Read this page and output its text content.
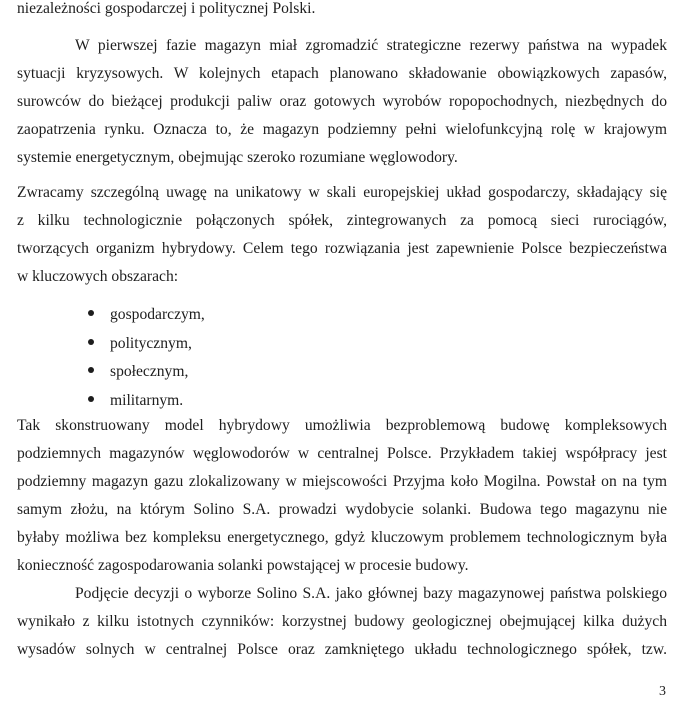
niezależności gospodarczej i politycznej Polski.
W pierwszej fazie magazyn miał zgromadzić strategiczne rezerwy państwa na wypadek
sytuacji kryzysowych. W kolejnych etapach planowano składowanie obowiązkowych zapasów,
surowców do bieżącej produkcji paliw oraz gotowych wyrobów ropopochodnych, niezbędnych do
zaopatrzenia rynku. Oznacza to, że magazyn podziemny pełni wielofunkcyjną rolę w krajowym
systemie energetycznym, obejmując szeroko rozumiane węglowodory.
Zwracamy szczególną uwagę na unikatowy w skali europejskiej układ gospodarczy, składający się
z kilku technologicznie połączonych spółek, zintegrowanych za pomocą sieci rurociągów,
tworzących organizm hybrydowy. Celem tego rozwiązania jest zapewnienie Polsce bezpieczeństwa
w kluczowych obszarach:
gospodarczym,
politycznym,
społecznym,
militarnym.
Tak skonstruowany model hybrydowy umożliwia bezproblemową budowę kompleksowych
podziemnych magazynów węglowodorów w centralnej Polsce. Przykładem takiej współpracy jest
podziemny magazyn gazu zlokalizowany w miejscowości Przyjma koło Mogilna. Powstał on na tym
samym złożu, na którym Solino S.A. prowadzi wydobycie solanki. Budowa tego magazynu nie
byłaby możliwa bez kompleksu energetycznego, gdyż kluczowym problemem technologicznym była
konieczność zagospodarowania solanki powstającej w procesie budowy.
Podjęcie decyzji o wyborze Solino S.A. jako głównej bazy magazynowej państwa polskiego
wynikało z kilku istotnych czynników: korzystnej budowy geologicznej obejmującej kilka dużych
wysadów solnych w centralnej Polsce oraz zamkniętego układu technologicznego spółek, tzw.
3
